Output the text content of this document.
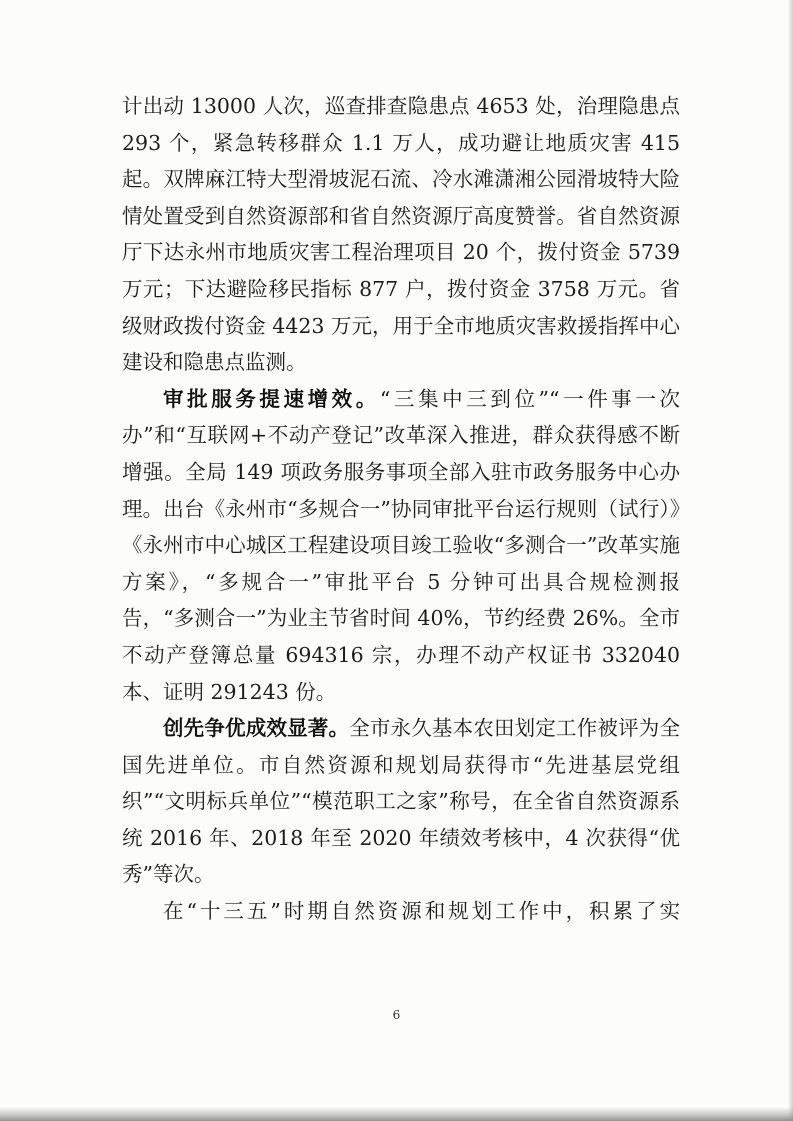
计出动 13000 人次，巡查排查隐患点 4653 处，治理隐患点 293 个，紧急转移群众 1.1 万人，成功避让地质灾害 415 起。双牌麻江特大型滑坡泥石流、冷水滩潇湘公园滑坡特大险情处置受到自然资源部和省自然资源厅高度赞誉。省自然资源厅下达永州市地质灾害工程治理项目 20 个，拨付资金 5739 万元；下达避险移民指标 877 户，拨付资金 3758 万元。省级财政拨付资金 4423 万元，用于全市地质灾害救援指挥中心建设和隐患点监测。

审批服务提速增效。“三集中三到位”“一件事一次办”和“互联网+不动产登记”改革深入推进，群众获得感不断增强。全局 149 项政务服务事项全部入驻市政务服务中心办理。出台《永州市“多规合一”协同审批平台运行规则（试行）》《永州市中心城区工程建设项目竣工验收“多测合一”改革实施方案》，“多规合一”审批平台 5 分钟可出具合规检测报告，“多测合一”为业主节省时间 40%，节约经费 26%。全市不动产登簿总量 694316 宗，办理不动产权证书 332040 本、证明 291243 份。

创先争优成效显著。全市永久基本农田划定工作被评为全国先进单位。市自然资源和规划局获得市“先进基层党组织”“文明标兵单位”“模范职工之家”称号，在全省自然资源系统 2016 年、2018 年至 2020 年绩效考核中，4 次获得“优秀”等次。

在“十三五”时期自然资源和规划工作中，积累了实

6
